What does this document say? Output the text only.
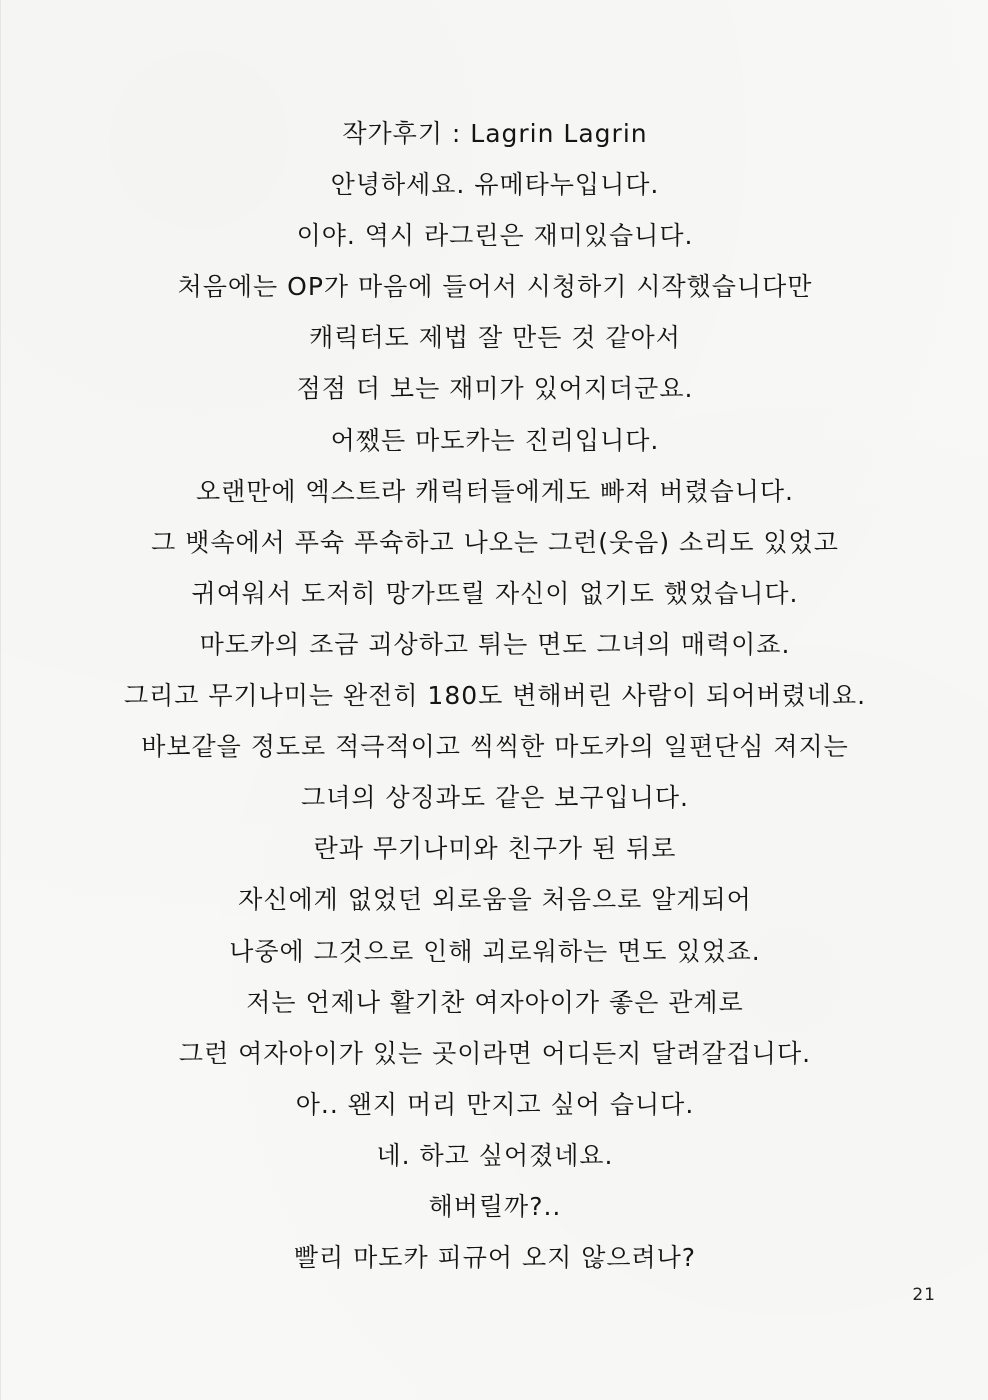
작가후기 : Lagrin Lagrin
안녕하세요. 유메타누입니다.
이야. 역시 라그린은 재미있습니다.
처음에는 OP가 마음에 들어서 시청하기 시작했습니다만
캐릭터도 제법 잘 만든 것 같아서
점점 더 보는 재미가 있어지더군요.
어쨌든 마도카는 진리입니다.
오랜만에 엑스트라 캐릭터들에게도 빠져 버렸습니다.
그 뱃속에서 푸슉 푸슉하고 나오는 그런(웃음) 소리도 있었고
귀여워서 도저히 망가뜨릴 자신이 없기도 했었습니다.
마도카의 조금 괴상하고 튀는 면도 그녀의 매력이죠.
그리고 무기나미는 완전히 180도 변해버린 사람이 되어버렸네요.
바보같을 정도로 적극적이고 씩씩한 마도카의 일편단심 져지는
그녀의 상징과도 같은 보구입니다.
란과 무기나미와 친구가 된 뒤로
자신에게 없었던 외로움을 처음으로 알게되어
나중에 그것으로 인해 괴로워하는 면도 있었죠.
저는 언제나 활기찬 여자아이가 좋은 관계로
그런 여자아이가 있는 곳이라면 어디든지 달려갈겁니다.
아.. 왠지 머리 만지고 싶어 습니다.
네. 하고 싶어졌네요.
해버릴까?..
빨리 마도카 피규어 오지 않으려나?
21
